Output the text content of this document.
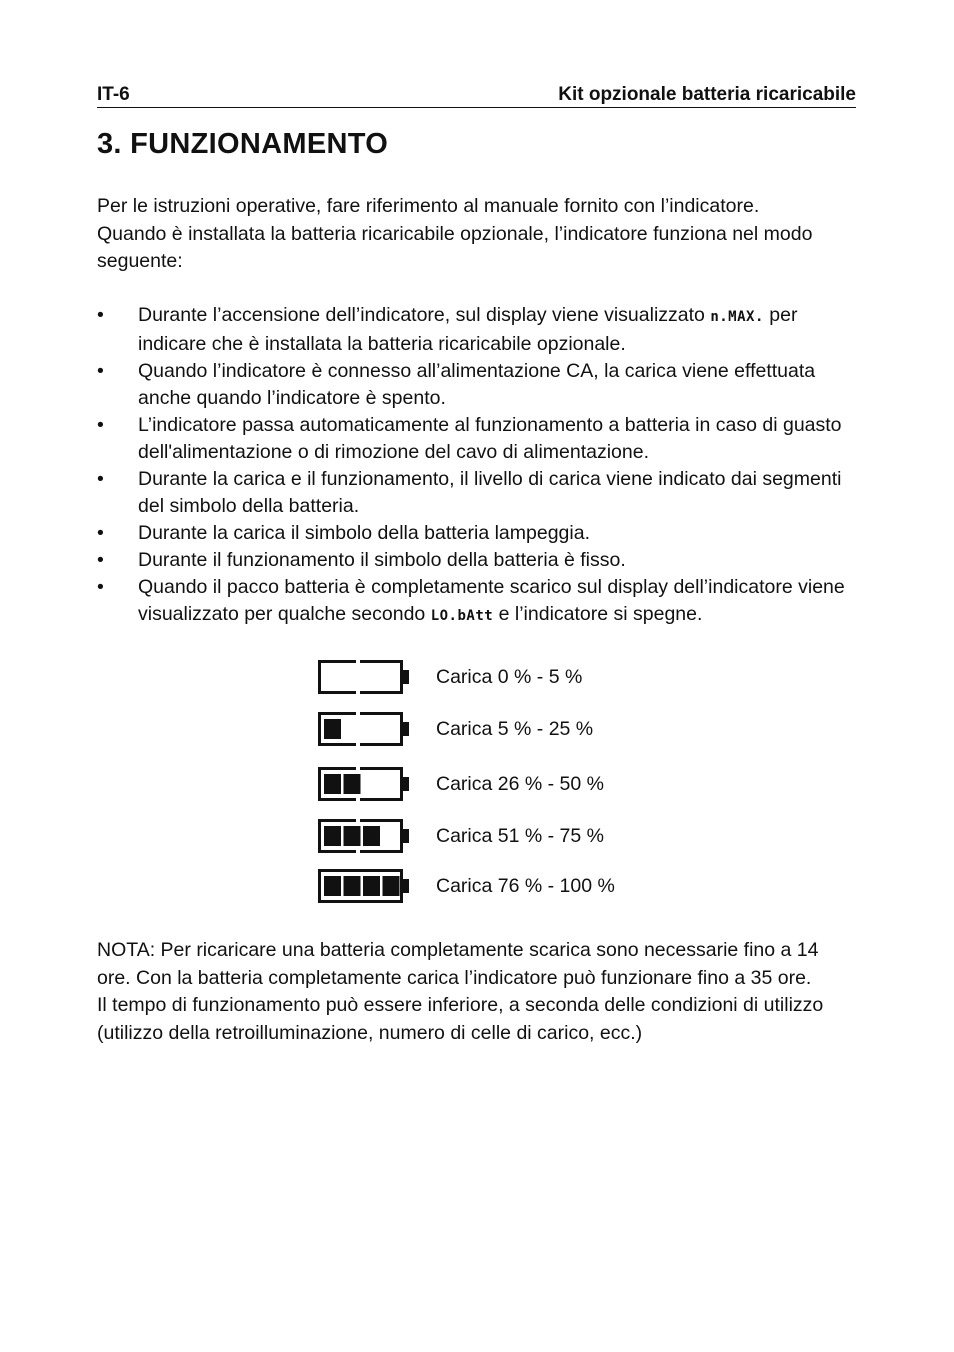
IT-6	Kit opzionale batteria ricaricabile
3. FUNZIONAMENTO
Per le istruzioni operative, fare riferimento al manuale fornito con l’indicatore.
Quando è installata la batteria ricaricabile opzionale, l’indicatore funziona nel modo seguente:
• Durante l’accensione dell’indicatore, sul display viene visualizzato n.MAX. per indicare che è installata la batteria ricaricabile opzionale.
• Quando l’indicatore è connesso all’alimentazione CA, la carica viene effettuata anche quando l’indicatore è spento.
• L’indicatore passa automaticamente al funzionamento a batteria in caso di guasto dell'alimentazione o di rimozione del cavo di alimentazione.
• Durante la carica e il funzionamento, il livello di carica viene indicato dai segmenti del simbolo della batteria.
• Durante la carica il simbolo della batteria lampeggia.
• Durante il funzionamento il simbolo della batteria è fisso.
• Quando il pacco batteria è completamente scarico sul display dell’indicatore viene visualizzato per qualche secondo LO.bAtt e l’indicatore si spegne.
Carica 0 % - 5 %
Carica 5 % - 25 %
Carica 26 % - 50 %
Carica 51 % - 75 %
Carica 76 % - 100 %
NOTA: Per ricaricare una batteria completamente scarica sono necessarie fino a 14
ore. Con la batteria completamente carica l’indicatore può funzionare fino a 35 ore.
Il tempo di funzionamento può essere inferiore, a seconda delle condizioni di utilizzo
(utilizzo della retroilluminazione, numero di celle di carico, ecc.)
